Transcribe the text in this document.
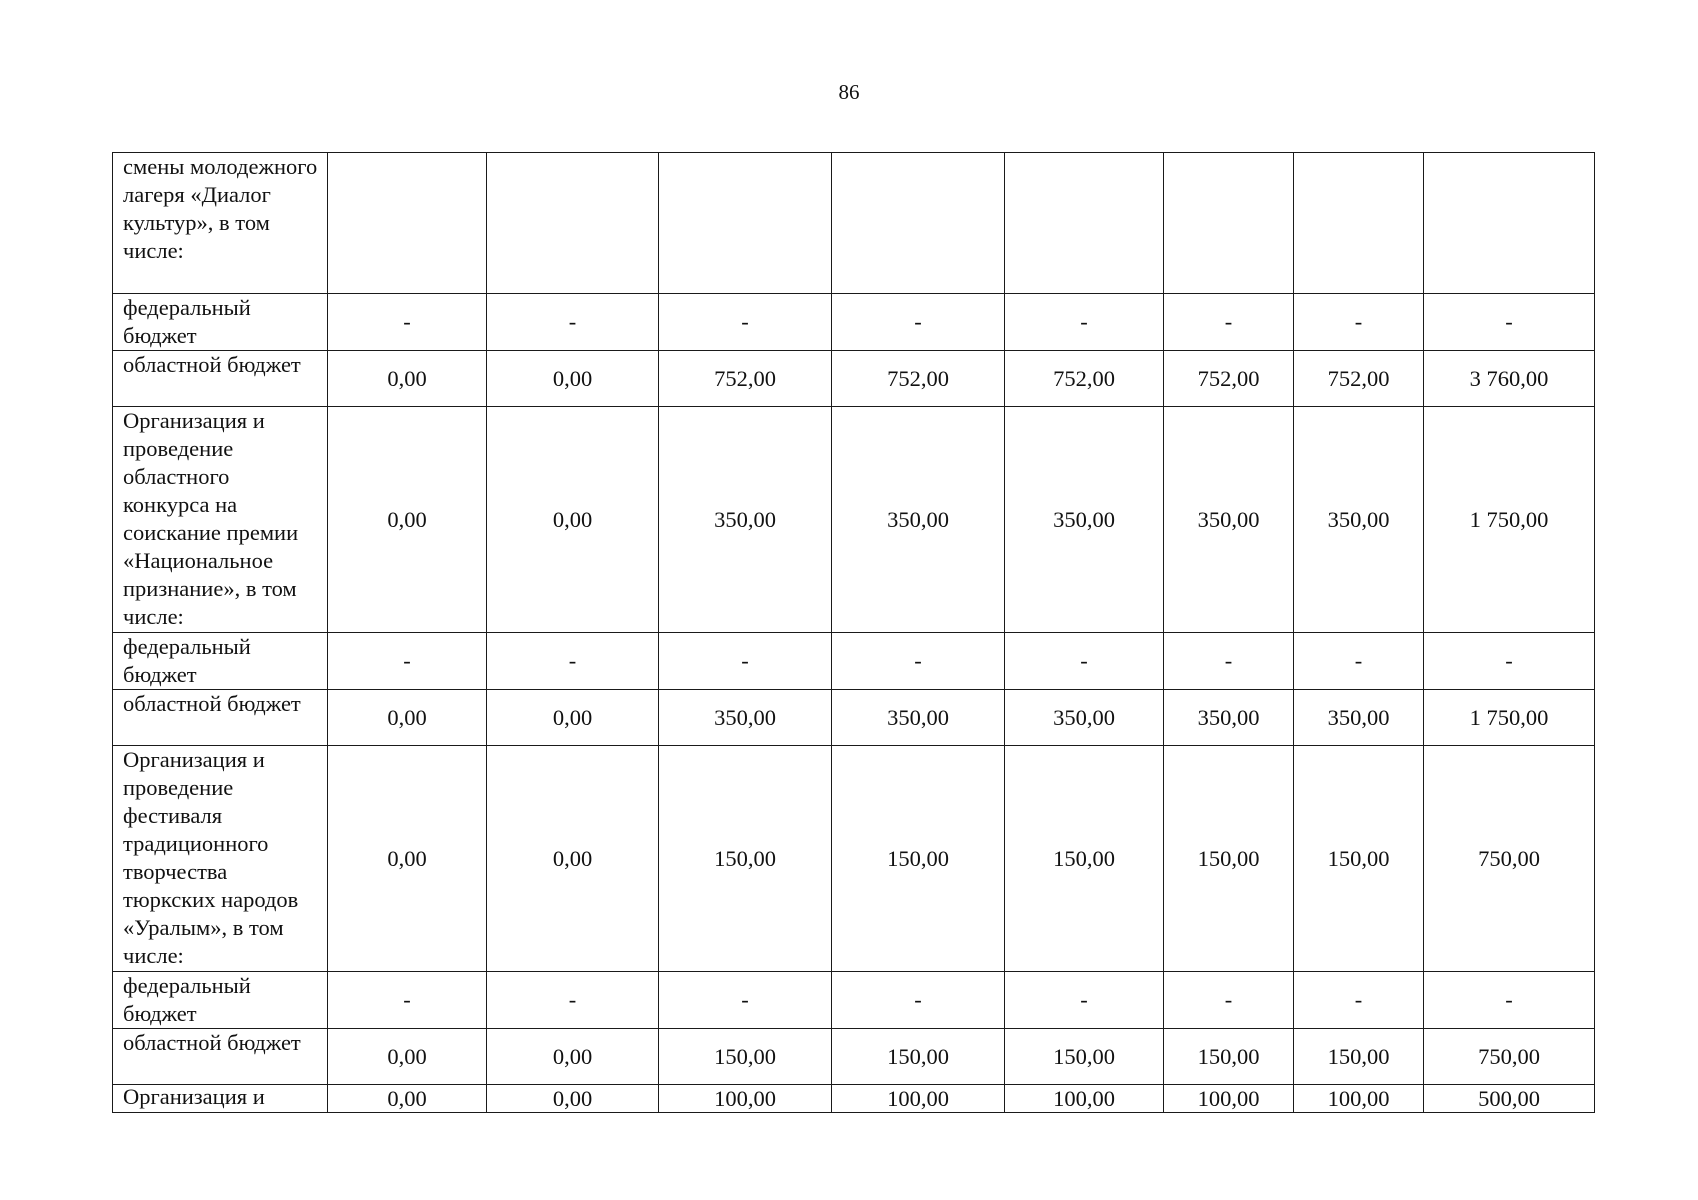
86
смены молодежного лагеря «Диалог культур», в том числе:								
федеральный бюджет	-	-	-	-	-	-	-	-
областной бюджет	0,00	0,00	752,00	752,00	752,00	752,00	752,00	3 760,00
Организация и проведение областного конкурса на соискание премии «Национальное признание», в том числе:	0,00	0,00	350,00	350,00	350,00	350,00	350,00	1 750,00
федеральный бюджет	-	-	-	-	-	-	-	-
областной бюджет	0,00	0,00	350,00	350,00	350,00	350,00	350,00	1 750,00
Организация и проведение фестиваля традиционного творчества тюркских народов «Уралым», в том числе:	0,00	0,00	150,00	150,00	150,00	150,00	150,00	750,00
федеральный бюджет	-	-	-	-	-	-	-	-
областной бюджет	0,00	0,00	150,00	150,00	150,00	150,00	150,00	750,00
Организация и	0,00	0,00	100,00	100,00	100,00	100,00	100,00	500,00
